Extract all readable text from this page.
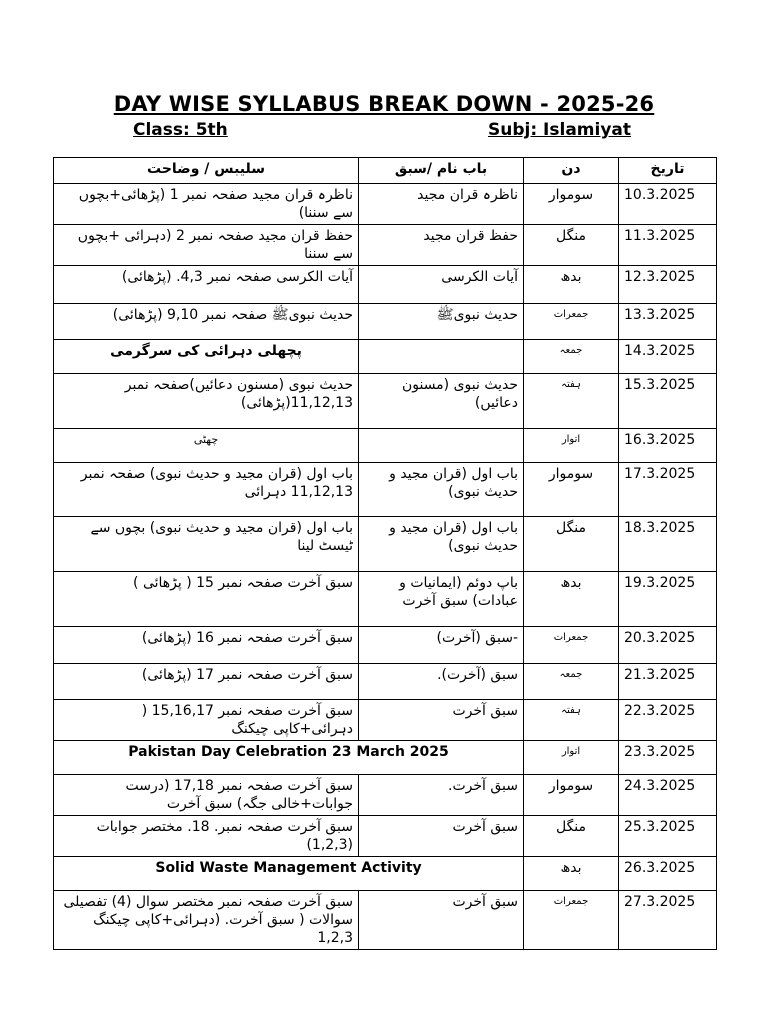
DAY WISE SYLLABUS BREAK DOWN - 2025-26
Class: 5th	Subj: Islamiyat
سلیبس / وضاحت	باب نام /سبق	دن	تاریخ
ناظرہ قران مجید صفحہ نمبر 1 (پڑھائی+بچوں سے سننا)	ناظرہ قران مجید	سوموار	10.3.2025
حفظ قران مجید صفحہ نمبر 2 (دہرائی +بچوں سے سننا	حفظ قران مجید	منگل	11.3.2025
آیات الکرسی صفحہ نمبر 4,3. (پڑھائی)	آیات الکرسی	بدھ	12.3.2025
حدیث نبویﷺ صفحہ نمبر 9,10 (پڑھائی)	حدیث نبویﷺ	جمعرات	13.3.2025
پچھلی دہرائی کی سرگرمی		جمعہ	14.3.2025
حدیث نبوی (مسنون دعائیں)صفحہ نمبر 11,12,13(پڑھائی)	حدیث نبوی (مسنون دعائیں)	ہفتہ	15.3.2025
چھٹی		اتوار	16.3.2025
باب اول (قران مجید و حدیث نبوی) صفحہ نمبر 11,12,13 دہرائی	باب اول (قران مجید و حدیث نبوی)	سوموار	17.3.2025
باب اول (قران مجید و حدیث نبوی) بچوں سے ٹیسٹ لینا	باب اول (قران مجید و حدیث نبوی)	منگل	18.3.2025
سبق آخرت صفحہ نمبر 15 ( پڑھائی )	باپ دوئم (ایمانیات و عبادات) سبق آخرت	بدھ	19.3.2025
سبق آخرت صفحہ نمبر 16 (پڑھائی)	-سبق (آخرت)	جمعرات	20.3.2025
سبق آخرت صفحہ نمبر 17 (پڑھائی)	سبق (آخرت).	جمعہ	21.3.2025
سبق آخرت صفحہ نمبر 15,16,17 ( دہرائی+کاپی چیکنگ	سبق آخرت	ہفتہ	22.3.2025
Pakistan Day Celebration 23 March 2025		اتوار	23.3.2025
سبق آخرت صفحہ نمبر 17,18 (درست جوابات+خالی جگہ) سبق آخرت	سبق آخرت.	سوموار	24.3.2025
سبق آخرت صفحہ نمبر. 18. مختصر جوابات (1,2,3)	سبق آخرت	منگل	25.3.2025
Solid Waste Management Activity		بدھ	26.3.2025
سبق آخرت صفحہ نمبر مختصر سوال (4) تفصیلی سوالات ( سبق آخرت. (دہرائی+کاپی چیکنگ 1,2,3	سبق آخرت	جمعرات	27.3.2025
